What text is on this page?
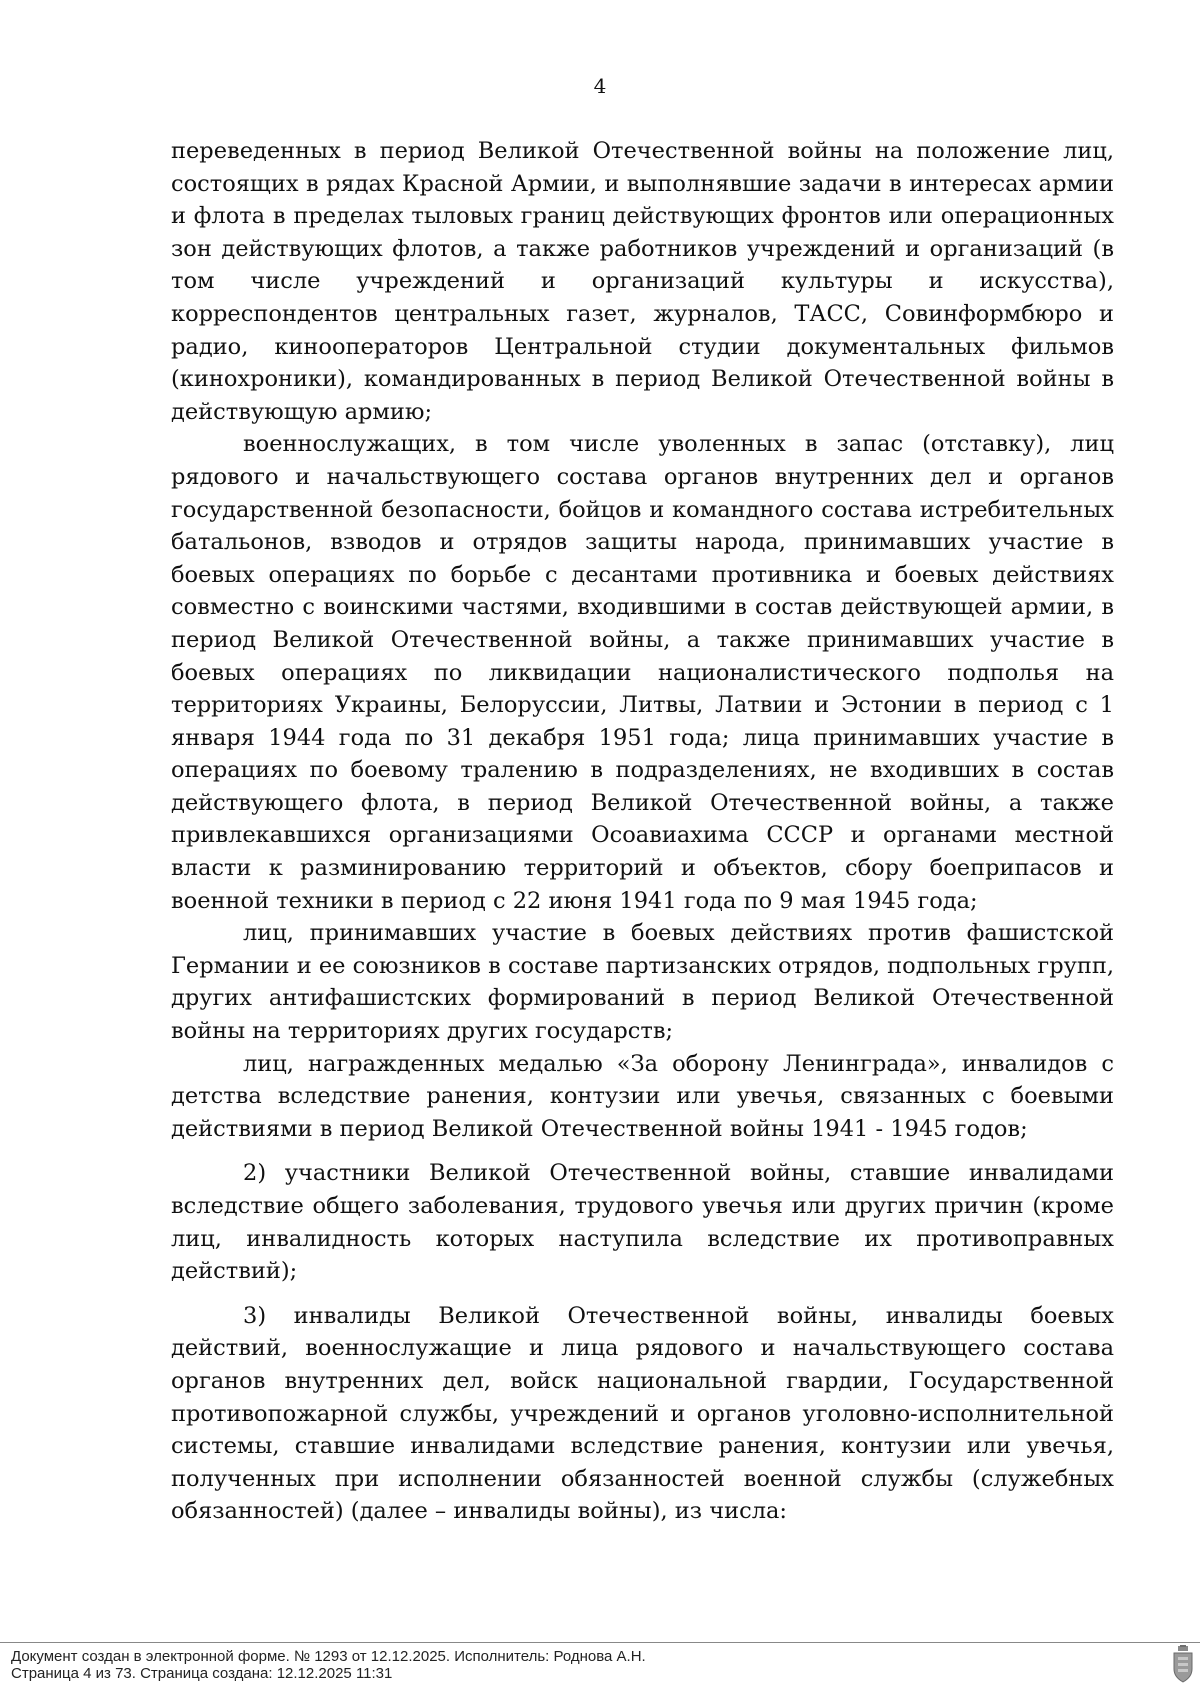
4

переведенных в период Великой Отечественной войны на положение лиц, состоящих в рядах Красной Армии, и выполнявшие задачи в интересах армии и флота в пределах тыловых границ действующих фронтов или операционных зон действующих флотов, а также работников учреждений и организаций (в том числе учреждений и организаций культуры и искусства), корреспондентов центральных газет, журналов, ТАСС, Совинформбюро и радио, кинооператоров Центральной студии документальных фильмов (кинохроники), командированных в период Великой Отечественной войны в действующую армию;

военнослужащих, в том числе уволенных в запас (отставку), лиц рядового и начальствующего состава органов внутренних дел и органов государственной безопасности, бойцов и командного состава истребительных батальонов, взводов и отрядов защиты народа, принимавших участие в боевых операциях по борьбе с десантами противника и боевых действиях совместно с воинскими частями, входившими в состав действующей армии, в период Великой Отечественной войны, а также принимавших участие в боевых операциях по ликвидации националистического подполья на территориях Украины, Белоруссии, Литвы, Латвии и Эстонии в период с 1 января 1944 года по 31 декабря 1951 года; лица принимавших участие в операциях по боевому тралению в подразделениях, не входивших в состав действующего флота, в период Великой Отечественной войны, а также привлекавшихся организациями Осоавиахима СССР и органами местной власти к разминированию территорий и объектов, сбору боеприпасов и военной техники в период с 22 июня 1941 года по 9 мая 1945 года;

лиц, принимавших участие в боевых действиях против фашистской Германии и ее союзников в составе партизанских отрядов, подпольных групп, других антифашистских формирований в период Великой Отечественной войны на территориях других государств;

лиц, награжденных медалью «За оборону Ленинграда», инвалидов с детства вследствие ранения, контузии или увечья, связанных с боевыми действиями в период Великой Отечественной войны 1941 - 1945 годов;

2) участники Великой Отечественной войны, ставшие инвалидами вследствие общего заболевания, трудового увечья или других причин (кроме лиц, инвалидность которых наступила вследствие их противоправных действий);

3) инвалиды Великой Отечественной войны, инвалиды боевых действий, военнослужащие и лица рядового и начальствующего состава органов внутренних дел, войск национальной гвардии, Государственной противопожарной службы, учреждений и органов уголовно-исполнительной системы, ставшие инвалидами вследствие ранения, контузии или увечья, полученных при исполнении обязанностей военной службы (служебных обязанностей) (далее – инвалиды войны), из числа:

Документ создан в электронной форме. № 1293 от 12.12.2025. Исполнитель: Роднова А.Н.
Страница 4 из 73. Страница создана: 12.12.2025 11:31
